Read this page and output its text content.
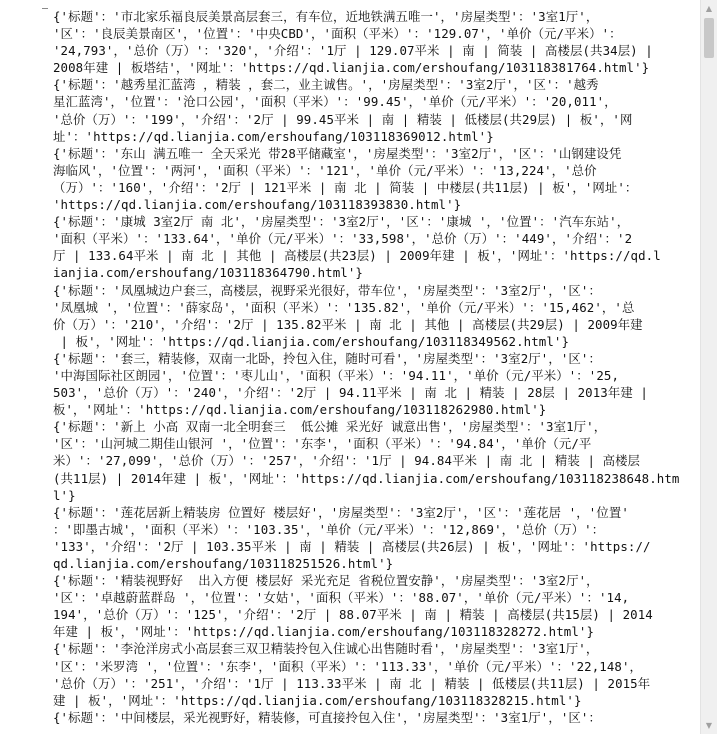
{'标题'：'市北家乐福良辰美景高层套三，有车位，近地铁满五唯一'，'房屋类型'：'3室1厅'，
'区'：'良辰美景南区'，'位置'：'中央CBD'，'面积（平米）'：'129.07'，'单价（元/平米）'：
'24,793'，'总价（万）'：'320'，'介绍'：'1厅 | 129.07平米 | 南 | 简装 | 高楼层(共34层) |
2008年建 | 板塔结'，'网址'：'https://qd.lianjia.com/ershoufang/103118381764.html'}
{'标题'：'越秀星汇蓝湾 ，精装 ，套二，业主诚售。'，'房屋类型'：'3室2厅'，'区'：'越秀
星汇蓝湾'，'位置'：'沧口公园'，'面积（平米）'：'99.45'，'单价（元/平米）'：'20,011'，
'总价（万）'：'199'，'介绍'：'2厅 | 99.45平米 | 南 | 精装 | 低楼层(共29层) | 板'，'网
址'：'https://qd.lianjia.com/ershoufang/103118369012.html'}
{'标题'：'东山 满五唯一 全天采光 带28平储藏室'，'房屋类型'：'3室2厅'，'区'：'山钢建设凭
海临风'，'位置'：'两河'，'面积（平米）'：'121'，'单价（元/平米）'：'13,224'，'总价
（万）'：'160'，'介绍'：'2厅 | 121平米 | 南 北 | 简装 | 中楼层(共11层) | 板'，'网址'：
'https://qd.lianjia.com/ershoufang/103118393830.html'}
{'标题'：'康城 3室2厅 南 北'，'房屋类型'：'3室2厅'，'区'：'康城 '，'位置'：'汽车东站'，
'面积（平米）'：'133.64'，'单价（元/平米）'：'33,598'，'总价（万）'：'449'，'介绍'：'2
厅 | 133.64平米 | 南 北 | 其他 | 高楼层(共23层) | 2009年建 | 板'，'网址'：'https://qd.l
ianjia.com/ershoufang/103118364790.html'}
{'标题'：'凤凰城边户套三，高楼层，视野采光很好，带车位'，'房屋类型'：'3室2厅'，'区'：
'凤凰城 '，'位置'：'薛家岛'，'面积（平米）'：'135.82'，'单价（元/平米）'：'15,462'，'总
价（万）'：'210'，'介绍'：'2厅 | 135.82平米 | 南 北 | 其他 | 高楼层(共29层) | 2009年建
| 板'，'网址'：'https://qd.lianjia.com/ershoufang/103118349562.html'}
{'标题'：'套三，精装修，双南一北卧，拎包入住，随时可看'，'房屋类型'：'3室2厅'，'区'：
'中海国际社区朗园'，'位置'：'枣儿山'，'面积（平米）'：'94.11'，'单价（元/平米）'：'25,
503'，'总价（万）'：'240'，'介绍'：'2厅 | 94.11平米 | 南 北 | 精装 | 28层 | 2013年建 |
板'，'网址'：'https://qd.lianjia.com/ershoufang/103118262980.html'}
{'标题'：'新上 小高 双南一北全明套三  低公摊 采光好 诚意出售'，'房屋类型'：'3室1厅'，
'区'：'山河城二期佳山银河 '，'位置'：'东李'，'面积（平米）'：'94.84'，'单价（元/平
米）'：'27,099'，'总价（万）'：'257'，'介绍'：'1厅 | 94.84平米 | 南 北 | 精装 | 高楼层
(共11层) | 2014年建 | 板'，'网址'：'https://qd.lianjia.com/ershoufang/103118238648.htm
l'}
{'标题'：'莲花居新上精装房 位置好 楼层好'，'房屋类型'：'3室2厅'，'区'：'莲花居 '，'位置'
：'即墨古城'，'面积（平米）'：'103.35'，'单价（元/平米）'：'12,869'，'总价（万）'：
'133'，'介绍'：'2厅 | 103.35平米 | 南 | 精装 | 高楼层(共26层) | 板'，'网址'：'https://
qd.lianjia.com/ershoufang/103118251526.html'}
{'标题'：'精装视野好  出入方便 楼层好 采光充足 省税位置安静'，'房屋类型'：'3室2厅'，
'区'：'卓越蔚蓝群岛 '，'位置'：'女姑'，'面积（平米）'：'88.07'，'单价（元/平米）'：'14,
194'，'总价（万）'：'125'，'介绍'：'2厅 | 88.07平米 | 南 | 精装 | 高楼层(共15层) | 2014
年建 | 板'，'网址'：'https://qd.lianjia.com/ershoufang/103118328272.html'}
{'标题'：'李沧洋房式小高层套三双卫精装拎包入住诚心出售随时看'，'房屋类型'：'3室1厅'，
'区'：'米罗湾 '，'位置'：'东李'，'面积（平米）'：'113.33'，'单价（元/平米）'：'22,148'，
'总价（万）'：'251'，'介绍'：'1厅 | 113.33平米 | 南 北 | 精装 | 低楼层(共11层) | 2015年
建 | 板'，'网址'：'https://qd.lianjia.com/ershoufang/103118328215.html'}
{'标题'：'中间楼层，采光视野好，精装修，可直接拎包入住'，'房屋类型'：'3室1厅'，'区'：
▲
▼
